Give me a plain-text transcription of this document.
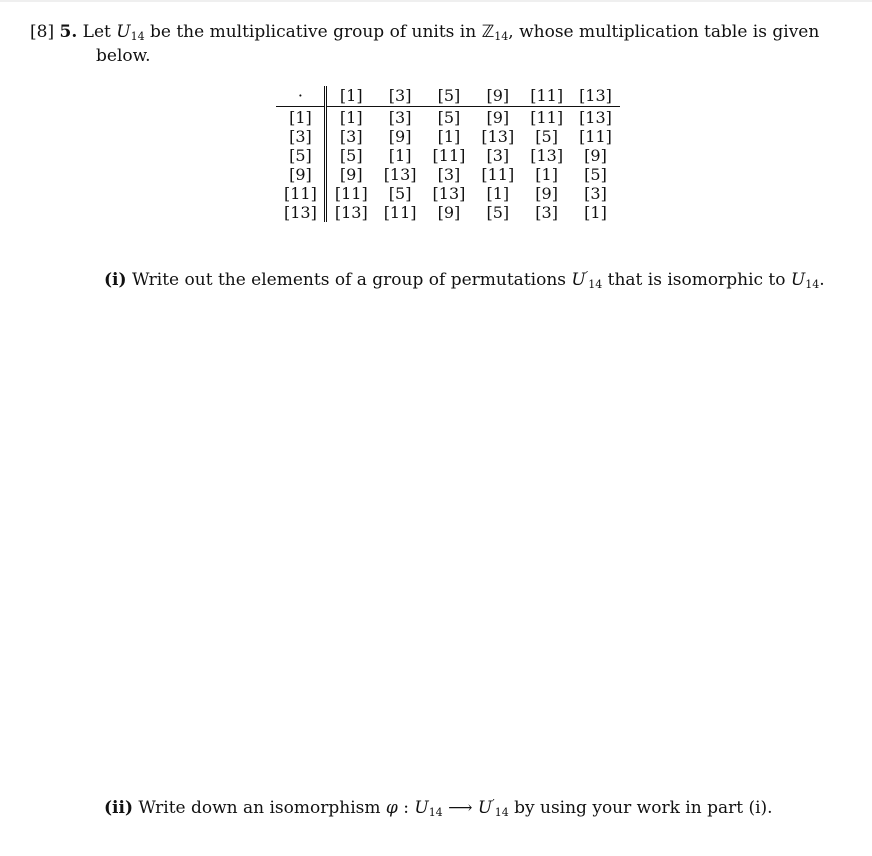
[8] 5. Let $U_{14}$ be the multiplicative group of units in ℤ$_{14}$, whose multiplication table is given
below.
·	[1]	[3]	[5]	[9]	[11]	[13]
[1]	[1]	[3]	[5]	[9]	[11]	[13]
[3]	[3]	[9]	[1]	[13]	[5]	[11]
[5]	[5]	[1]	[11]	[3]	[13]	[9]
[9]	[9]	[13]	[3]	[11]	[1]	[5]
[11]	[11]	[5]	[13]	[1]	[9]	[3]
[13]	[13]	[11]	[9]	[5]	[3]	[1]
(i) Write out the elements of a group of permutations $U'_{14}$ that is isomorphic to $U_{14}$.
(ii) Write down an isomorphism φ : $U_{14}$ ⟶ $U'_{14}$ by using your work in part (i).
